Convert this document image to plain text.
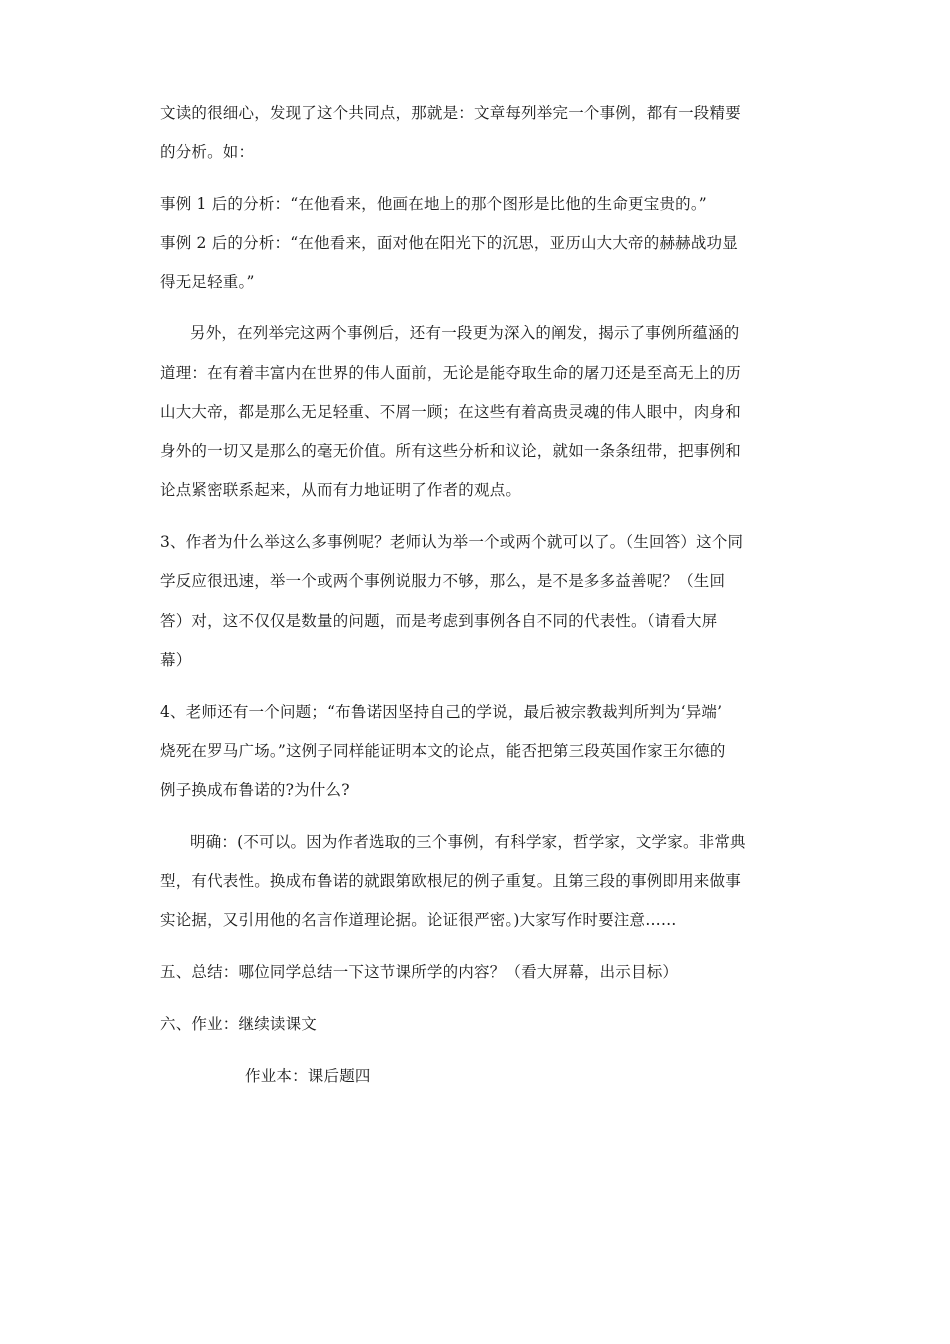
文读的很细心，发现了这个共同点，那就是：文章每列举完一个事例，都有一段精要
的分析。如：
事例 1 后的分析：“在他看来，他画在地上的那个图形是比他的生命更宝贵的。”
事例 2 后的分析：“在他看来，面对他在阳光下的沉思，亚历山大大帝的赫赫战功显
得无足轻重。”
另外，在列举完这两个事例后，还有一段更为深入的阐发，揭示了事例所蕴涵的
道理：在有着丰富内在世界的伟人面前，无论是能夺取生命的屠刀还是至高无上的历
山大大帝，都是那么无足轻重、不屑一顾；在这些有着高贵灵魂的伟人眼中，肉身和
身外的一切又是那么的毫无价值。所有这些分析和议论，就如一条条纽带，把事例和
论点紧密联系起来，从而有力地证明了作者的观点。
3、作者为什么举这么多事例呢？老师认为举一个或两个就可以了。（生回答）这个同
学反应很迅速，举一个或两个事例说服力不够，那么，是不是多多益善呢？（生回
答）对，这不仅仅是数量的问题，而是考虑到事例各自不同的代表性。（请看大屏
幕）
4、老师还有一个问题；“布鲁诺因坚持自己的学说，最后被宗教裁判所判为‘异端’
烧死在罗马广场。”这例子同样能证明本文的论点，能否把第三段英国作家王尔德的
例子换成布鲁诺的?为什么?
明确：(不可以。因为作者选取的三个事例，有科学家，哲学家，文学家。非常典
型，有代表性。换成布鲁诺的就跟第欧根尼的例子重复。且第三段的事例即用来做事
实论据，又引用他的名言作道理论据。论证很严密。)大家写作时要注意……
五、总结：哪位同学总结一下这节课所学的内容？（看大屏幕，出示目标）
六、作业：继续读课文
作业本：课后题四
